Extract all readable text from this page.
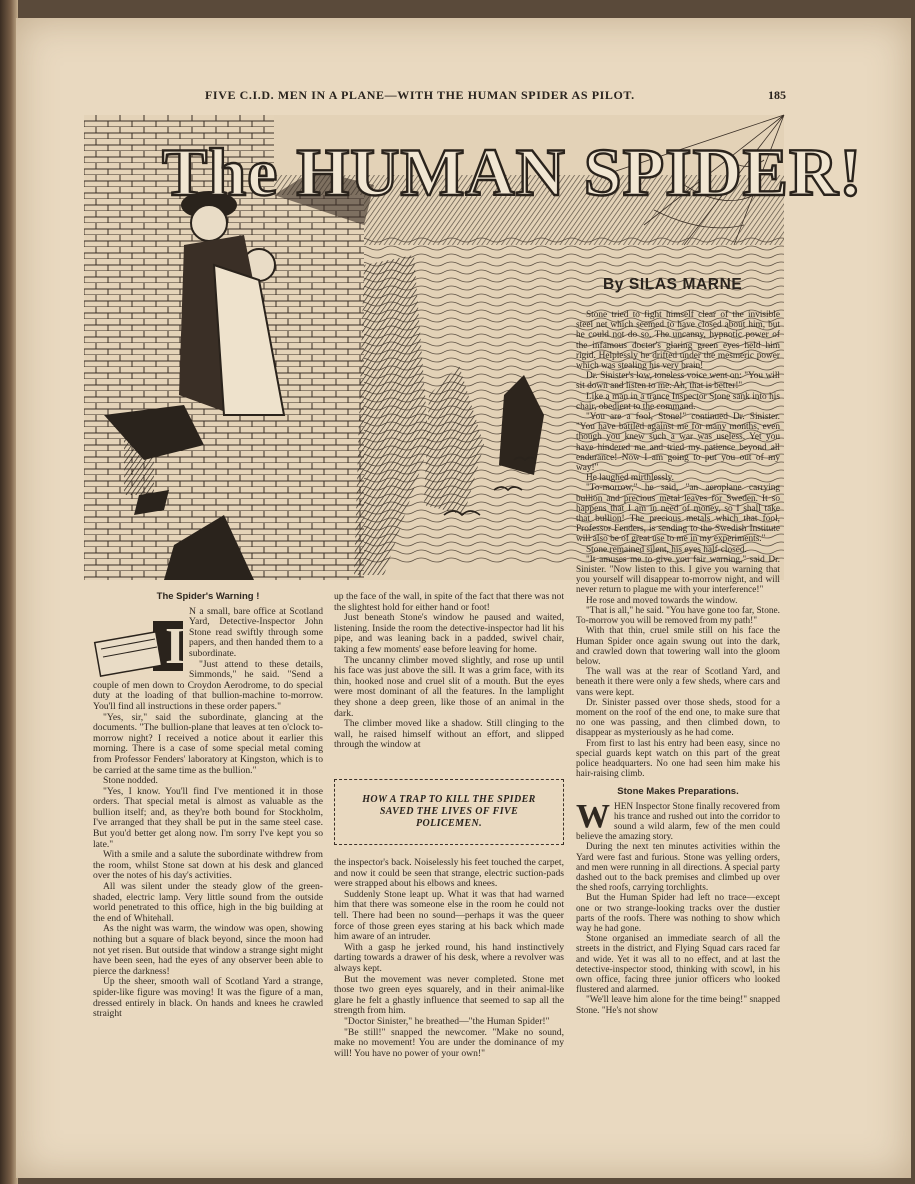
FIVE C.I.D. MEN IN A PLANE—WITH THE HUMAN SPIDER AS PILOT.	185
The HUMAN SPIDER!
By SILAS MARNE
The Spider's Warning !
I

N a small, bare office at Scotland Yard, Detective-Inspector John Stone read swiftly through some papers, and then handed them to a subordinate.

"Just attend to these details, Simmonds," he said. "Send a couple of men down to Croydon Aerodrome, to do special duty at the loading of that bullion-machine to-morrow. You'll find all instructions in these order papers."

"Yes, sir," said the subordinate, glancing at the documents. "The bullion-plane that leaves at ten o'clock to-morrow night? I received a notice about it earlier this morning. There is a case of some special metal coming from Professor Fenders' laboratory at Kingston, which is to be carried at the same time as the bullion."

Stone nodded.

"Yes, I know. You'll find I've mentioned it in those orders. That special metal is almost as valuable as the bullion itself; and, as they're both bound for Stockholm, I've arranged that they shall be put in the same steel case. But you'd better get along now. I'm sorry I've kept you so late."

With a smile and a salute the subordinate withdrew from the room, whilst Stone sat down at his desk and glanced over the notes of his day's activities.

All was silent under the steady glow of the green-shaded, electric lamp. Very little sound from the outside world penetrated to this office, high in the big building at the end of Whitehall.

As the night was warm, the window was open, showing nothing but a square of black beyond, since the moon had not yet risen. But outside that window a strange sight might have been seen, had the eyes of any observer been able to pierce the darkness!

Up the sheer, smooth wall of Scotland Yard a strange, spider-like figure was moving! It was the figure of a man, dressed entirely in black. On hands and knees he crawled straight

up the face of the wall, in spite of the fact that there was not the slightest hold for either hand or foot!

Just beneath Stone's window he paused and waited, listening. Inside the room the detective-inspector had lit his pipe, and was leaning back in a padded, swivel chair, taking a few moments' ease before leaving for home.

The uncanny climber moved slightly, and rose up until his face was just above the sill. It was a grim face, with its thin, hooked nose and cruel slit of a mouth. But the eyes were most dominant of all the features. In the lamplight they shone a deep green, like those of an animal in the dark.

The climber moved like a shadow. Still clinging to the wall, he raised himself without an effort, and slipped through the window at

HOW A TRAP TO KILL THE SPIDER SAVED THE LIVES OF FIVE POLICEMEN.

the inspector's back. Noiselessly his feet touched the carpet, and now it could be seen that strange, electric suction-pads were strapped about his elbows and knees.

Suddenly Stone leapt up. What it was that had warned him that there was someone else in the room he could not tell. There had been no sound—perhaps it was the queer force of those green eyes staring at his back which made him aware of an intruder.

With a gasp he jerked round, his hand instinctively darting towards a drawer of his desk, where a revolver was always kept.

But the movement was never completed. Stone met those two green eyes squarely, and in their animal-like glare he felt a ghastly influence that seemed to sap all the strength from him.

"Doctor Sinister," he breathed—"the Human Spider!"

"Be still!" snapped the newcomer. "Make no sound, make no movement! You are under the dominance of my will! You have no power of your own!"

Stone tried to fight himself clear of the invisible steel net which seemed to have closed about him, but he could not do so. The uncanny, hypnotic power of the infamous doctor's glaring green eyes held him rigid. Helplessly he drifted under the mesmeric power which was stealing his very brain!

Dr. Sinister's low, toneless voice went on: "You will sit down and listen to me. Ah, that is better!"

Like a man in a trance Inspector Stone sank into his chair, obedient to the command.

"You are a fool, Stone!" continued Dr. Sinister. "You have battled against me for many months, even though you knew such a war was useless. Yet you have hindered me and tried my patience beyond all endurance! Now I am going to put you out of my way!"

He laughed mirthlessly.

"To-morrow," he said, "an aeroplane carrying bullion and precious metal leaves for Sweden. It so happens that I am in need of money, so I shall take that bullion! The precious metals which that fool, Professor Fenders, is sending to the Swedish Institute will also be of great use to me in my experiments."

Stone remained silent, his eyes half-closed.

"It amuses me to give you fair warning," said Dr. Sinister. "Now listen to this. I give you warning that you yourself will disappear to-morrow night, and will never return to plague me with your interference!"

He rose and moved towards the window.

"That is all," he said. "You have gone too far, Stone. To-morrow you will be removed from my path!"

With that thin, cruel smile still on his face the Human Spider once again swung out into the dark, and crawled down that towering wall into the gloom below.

The wall was at the rear of Scotland Yard, and beneath it there were only a few sheds, where cars and vans were kept.

Dr. Sinister passed over those sheds, stood for a moment on the roof of the end one, to make sure that no one was passing, and then climbed down, to disappear as mysteriously as he had come.

From first to last his entry had been easy, since no special guards kept watch on this part of the great police headquarters. No one had seen him make his hair-raising climb.

Stone Makes Preparations.
W HEN Inspector Stone finally recovered from his trance and rushed out into the corridor to sound a wild alarm, few of the men could believe the amazing story.

During the next ten minutes activities within the Yard were fast and furious. Stone was yelling orders, and men were running in all directions. A special party dashed out to the back premises and climbed up over the shed roofs, carrying torchlights.

But the Human Spider had left no trace—except one or two strange-looking tracks over the dustier parts of the roofs. There was nothing to show which way he had gone.

Stone organised an immediate search of all the streets in the district, and Flying Squad cars raced far and wide. Yet it was all to no effect, and at last the detective-inspector stood, thinking with scowl, in his own office, facing three junior officers who looked flustered and alarmed.

"We'll leave him alone for the time being!" snapped Stone. "He's not show
